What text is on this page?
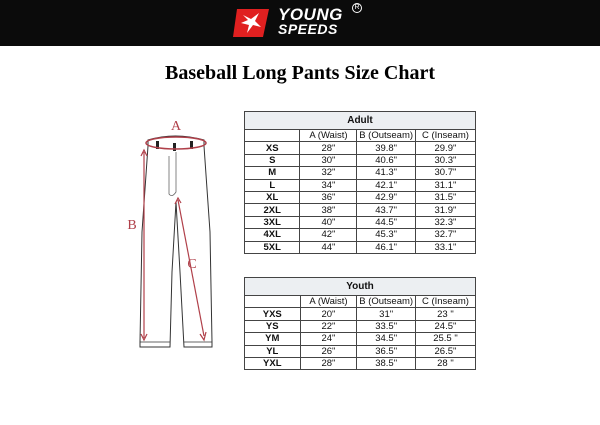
YOUNG
SPEEDS
R
Baseball Long Pants Size Chart
A
B
C
Adult			
	A (Waist)	B (Outseam)	C (Inseam)
XS	28"	39.8"	29.9"
S	30"	40.6"	30.3"
M	32"	41.3"	30.7"
L	34"	42.1"	31.1"
XL	36"	42.9"	31.5"
2XL	38"	43.7"	31.9"
3XL	40"	44.5"	32.3"
4XL	42"	45.3"	32.7"
5XL	44"	46.1"	33.1"
Youth			
	A (Waist)	B (Outseam)	C (Inseam)
YXS	20"	31"	23 "
YS	22"	33.5"	24.5"
YM	24"	34.5"	25.5 "
YL	26"	36.5"	26.5"
YXL	28"	38.5"	28 "
